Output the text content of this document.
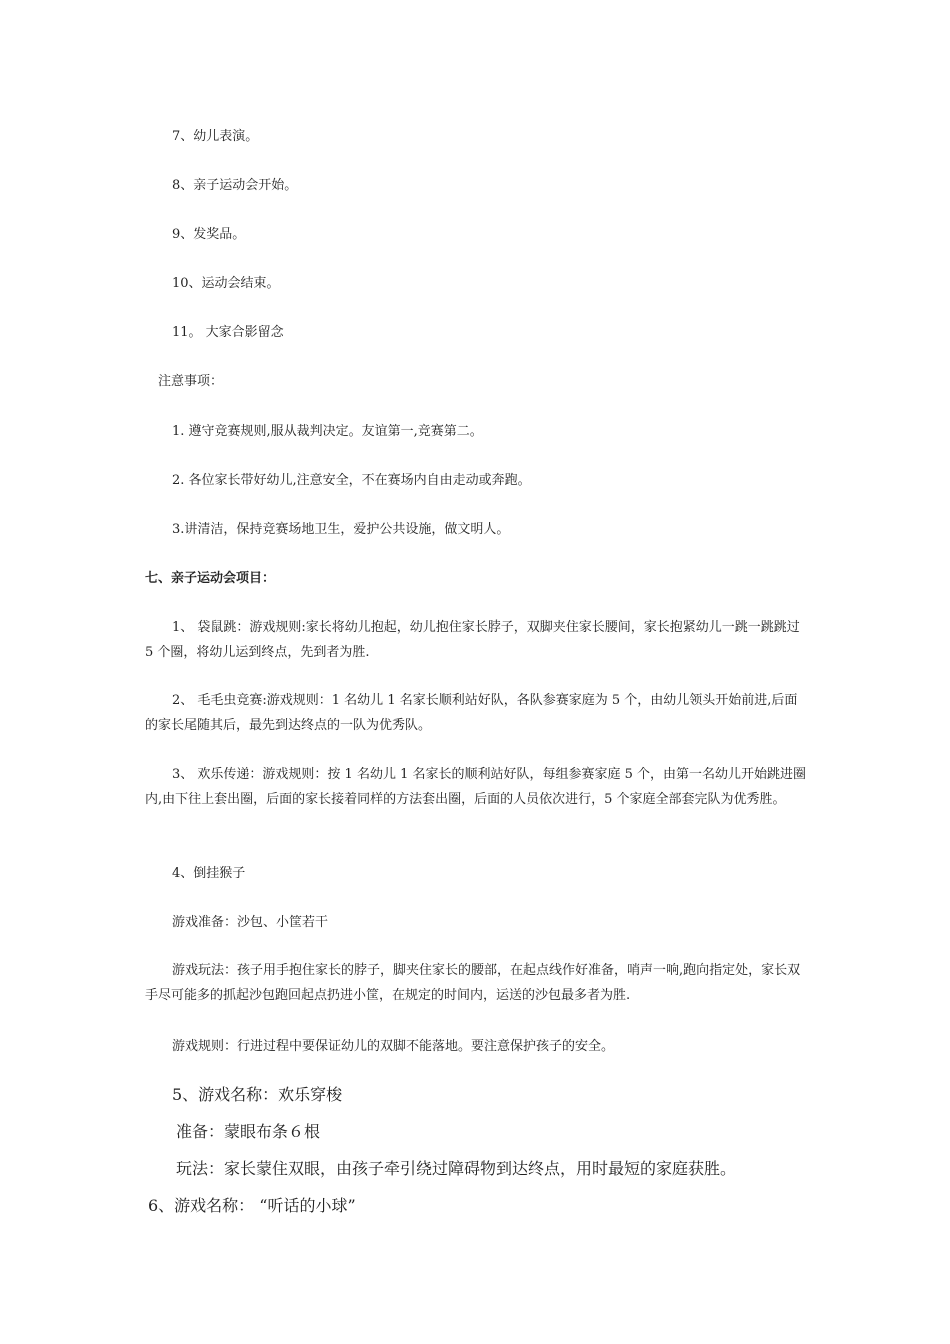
7、幼儿表演。
8、亲子运动会开始。
9、发奖品。
10、运动会结束。
11。 大家合影留念
注意事项：
1. 遵守竞赛规则,服从裁判决定。友谊第一,竞赛第二。
2. 各位家长带好幼儿,注意安全，不在赛场内自由走动或奔跑。
3.讲清洁，保持竞赛场地卫生，爱护公共设施，做文明人。
七、亲子运动会项目：
1、 袋鼠跳：游戏规则:家长将幼儿抱起，幼儿抱住家长脖子，双脚夹住家长腰间，家长抱紧幼儿一跳一跳跳过 5 个圈，将幼儿运到终点，先到者为胜.
2、 毛毛虫竞赛:游戏规则：1 名幼儿 1 名家长顺利站好队，各队参赛家庭为 5 个，由幼儿领头开始前进,后面的家长尾随其后，最先到达终点的一队为优秀队。
3、 欢乐传递：游戏规则：按 1 名幼儿 1 名家长的顺利站好队，每组参赛家庭 5 个，由第一名幼儿开始跳进圈内,由下往上套出圈，后面的家长接着同样的方法套出圈，后面的人员依次进行，5 个家庭全部套完队为优秀胜。
4、倒挂猴子
游戏准备：沙包、小筐若干
游戏玩法：孩子用手抱住家长的脖子，脚夹住家长的腰部，在起点线作好准备，哨声一响,跑向指定处，家长双手尽可能多的抓起沙包跑回起点扔进小筐，在规定的时间内，运送的沙包最多者为胜.
游戏规则：行进过程中要保证幼儿的双脚不能落地。要注意保护孩子的安全。
5、游戏名称：欢乐穿梭
准备：蒙眼布条６根
玩法：家长蒙住双眼，由孩子牵引绕过障碍物到达终点，用时最短的家庭获胜。
6、游戏名称： “听话的小球”
